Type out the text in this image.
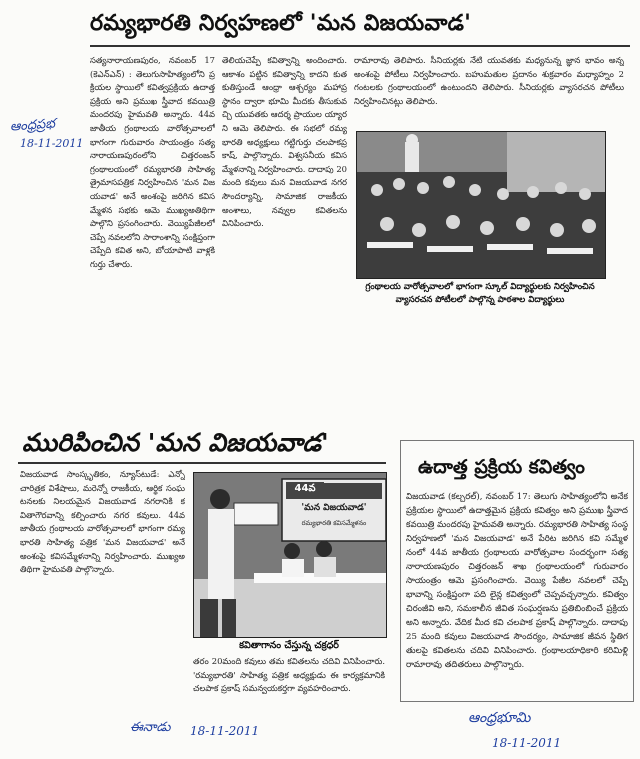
రమ్యభారతి నిర్వహణలో 'మన విజయవాడ'
ఆంధ్రప్రభ
18-11-2011
సత్యనారాయణపురం, నవంబర్ 17 (కెఎన్ఎన్) : తెలుగుసాహిత్యంలోని ప్రక్రియల స్థాయిలో కవిత్వప్రక్రియ ఉదాత్త ప్రక్రియ అని ప్రముఖ స్త్రీవాద కవయిత్రి మందరపు హైమవతి అన్నారు. 44వ జాతీయ గ్రంథాలయ వారోత్సవాలలో భాగంగా గురువారం సాయంత్రం సత్యనారాయణపురంలోని చిత్తరంజన్ గ్రంథాలయంలో రమ్యభారతి సాహిత్య త్రైమాసపత్రిక నిర్వహించిన 'మన విజయవాడ' అనే అంశంపై జరిగిన కవిసమ్మేళన సభకు ఆమె ముఖ్యఅతిథిగా పాల్గొని ప్రసంగించారు. వెయ్యిపేజీలలో చెప్పే నవలలోని సారాంశాన్ని సంక్షిప్తంగా చెప్పేది కవిత అని, బోయాపాటి వాళ్లకి గుర్తు చేశారు.
తెలియచెప్పే కవిత్వాన్ని అందించారు. ఆకాశం పట్టిన కవిత్వాన్ని కాదని కుతకుతిస్తుండే ఆంధ్రా ఆశ్చర్యం మహాప్రస్థానం ద్వారా భూమి మీదకు తీసుకువచ్చి యువతకు ఆదర్శ ప్రాయుల య్యారని ఆమె తెలిపారు. ఈ సభలో రమ్యభారతి అధ్యక్షులు గట్టిగుర్తు చలపాకప్రకాష్, పాల్గొన్నారు. విశ్వసనీయ కవిసమ్మేళనాన్ని నిర్వహించారు. దాదాపు 20 మంది కవులు మన విజయవాడ నగర సౌందర్యాన్ని, సామాజిక రాజకీయ అంశాలు, నవ్వుల కవితలను వినిపించారు.
రామారావు తెలిపారు. సీనియర్లకు నేటి యువతకు మధ్యనున్న జ్ఞాన భావం అన్న అంశంపై పోటీలు నిర్వహించారు. బహుమతుల ప్రదానం శుక్రవారం మధ్యాహ్నం 2 గంటలకు గ్రంథాలయంలో ఉంటుందని తెలిపారు. సీనియర్లకు వ్యాసరచన పోటీలు నిర్వహించినట్లు తెలిపారు.
గ్రంథాలయ వారోత్సవాలలో భాగంగా స్కూల్ విద్యార్థులకు నిర్వహించిన వ్యాసరచన పోటీలలో పాల్గొన్న పాఠశాల విద్యార్థులు
మురిపించిన 'మన విజయవాడ'
విజయవాడ సాంస్కృతికం, న్యూస్‌టుడే: ఎన్నో చారిత్రక విశేషాలు, మరెన్నో రాజకీయ, ఆర్థిక సంఘటనలకు నిలయమైన విజయవాడ నగరానికి కవితాగౌరవాన్ని కల్పించారు నగర కవులు. 44వ జాతీయ గ్రంథాలయ వారోత్సవాలలో భాగంగా రమ్యభారతి సాహిత్య పత్రిక 'మన విజయవాడ' అనే అంశంపై కవిసమ్మేళనాన్ని నిర్వహించారు. ముఖ్యఅతిథిగా హైమవతి పాల్గొన్నారు.
44వ
'మన విజయవాడ'
రమ్యభారతి కవిసమ్మేళనం
కవితాగానం చేస్తున్న చక్రధర్
తరం 20మంది కవులు తమ కవితలను చదివి వినిపించారు. 'రమ్యభారతి' సాహిత్య పత్రిక అధ్యక్షుడు ఈ కార్యక్రమానికి చలపాక ప్రకాష్ సమన్వయకర్తగా వ్యవహరించారు.
ఈనాడు 18-11-2011
ఉదాత్త ప్రక్రియ కవిత్వం
విజయవాడ (కల్చరల్), నవంబర్ 17: తెలుగు సాహిత్యంలోని అనేక ప్రక్రియల స్థాయిలో ఉదాత్తమైన ప్రక్రియ కవిత్వం అని ప్రముఖ స్త్రీవాద కవయిత్రి మందరపు హైమవతి అన్నారు. రమ్యభారతి సాహిత్య సంస్థ నిర్వహణలో 'మన విజయవాడ' అనే పేరిట జరిగిన కవి సమ్మేళనంలో 44వ జాతీయ గ్రంథాలయ వారోత్సవాల సందర్భంగా సత్యనారాయణపురం చిత్తరంజన్ శాఖ గ్రంథాలయంలో గురువారం సాయంత్రం ఆమె ప్రసంగించారు. వెయ్యి పేజీల నవలలో చెప్పే భావాన్ని సంక్షిప్తంగా పది లైన్ల కవిత్వంలో చెప్పవచ్చన్నారు. కవిత్వం చిరంజీవి అని, సమకాలీన జీవిత సంఘర్షణను ప్రతిబింబించే ప్రక్రియ అని అన్నారు. వేదిక మీద కవి చలపాక ప్రకాష్ పాల్గొన్నారు. దాదాపు 25 మంది కవులు విజయవాడ సౌందర్యం, సామాజిక జీవన స్థితిగతులపై కవితలను చదివి వినిపించారు. గ్రంథాలయాధికారి కరిమిళ్లి రామారావు తదితరులు పాల్గొన్నారు.
ఆంధ్రభూమి
18-11-2011
